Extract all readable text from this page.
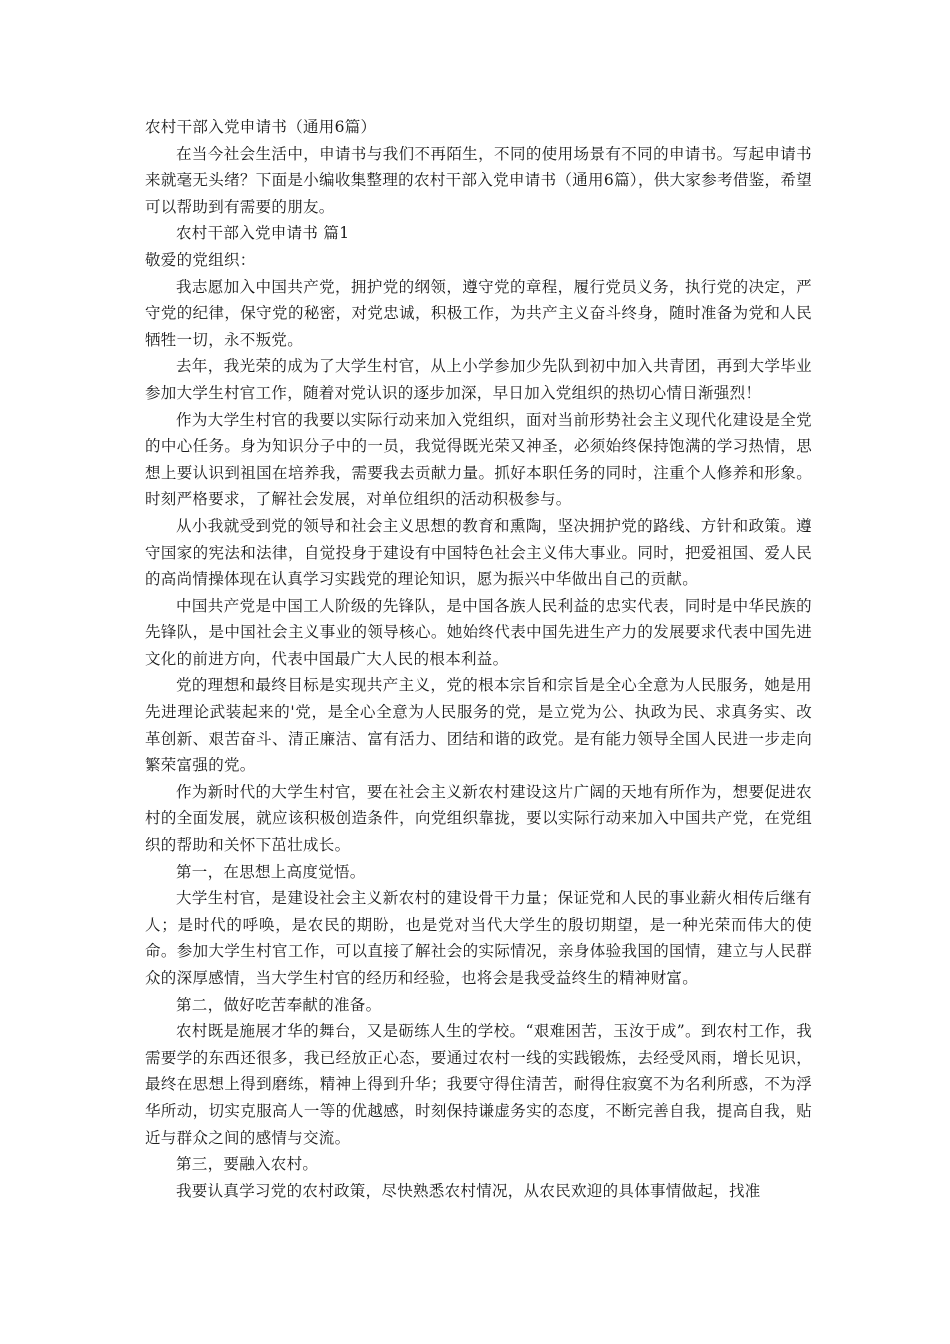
农村干部入党申请书（通用6篇）

在当今社会生活中，申请书与我们不再陌生，不同的使用场景有不同的申请书。写起申请书来就毫无头绪？下面是小编收集整理的农村干部入党申请书（通用6篇），供大家参考借鉴，希望可以帮助到有需要的朋友。

农村干部入党申请书 篇1

敬爱的党组织：

我志愿加入中国共产党，拥护党的纲领，遵守党的章程，履行党员义务，执行党的决定，严守党的纪律，保守党的秘密，对党忠诚，积极工作，为共产主义奋斗终身，随时准备为党和人民牺牲一切，永不叛党。

去年，我光荣的成为了大学生村官，从上小学参加少先队到初中加入共青团，再到大学毕业参加大学生村官工作，随着对党认识的逐步加深，早日加入党组织的热切心情日渐强烈！

作为大学生村官的我要以实际行动来加入党组织，面对当前形势社会主义现代化建设是全党的中心任务。身为知识分子中的一员，我觉得既光荣又神圣，必须始终保持饱满的学习热情，思想上要认识到祖国在培养我，需要我去贡献力量。抓好本职任务的同时，注重个人修养和形象。时刻严格要求，了解社会发展，对单位组织的活动积极参与。

从小我就受到党的领导和社会主义思想的教育和熏陶，坚决拥护党的路线、方针和政策。遵守国家的宪法和法律，自觉投身于建设有中国特色社会主义伟大事业。同时，把爱祖国、爱人民的高尚情操体现在认真学习实践党的理论知识，愿为振兴中华做出自己的贡献。

中国共产党是中国工人阶级的先锋队，是中国各族人民利益的忠实代表，同时是中华民族的先锋队，是中国社会主义事业的领导核心。她始终代表中国先进生产力的发展要求代表中国先进文化的前进方向，代表中国最广大人民的根本利益。

党的理想和最终目标是实现共产主义，党的根本宗旨和宗旨是全心全意为人民服务，她是用先进理论武装起来的'党，是全心全意为人民服务的党，是立党为公、执政为民、求真务实、改革创新、艰苦奋斗、清正廉洁、富有活力、团结和谐的政党。是有能力领导全国人民进一步走向繁荣富强的党。

作为新时代的大学生村官，要在社会主义新农村建设这片广阔的天地有所作为，想要促进农村的全面发展，就应该积极创造条件，向党组织靠拢，要以实际行动来加入中国共产党，在党组织的帮助和关怀下茁壮成长。

第一，在思想上高度觉悟。

大学生村官，是建设社会主义新农村的建设骨干力量；保证党和人民的事业薪火相传后继有人；是时代的呼唤，是农民的期盼，也是党对当代大学生的殷切期望，是一种光荣而伟大的使命。参加大学生村官工作，可以直接了解社会的实际情况，亲身体验我国的国情，建立与人民群众的深厚感情，当大学生村官的经历和经验，也将会是我受益终生的精神财富。

第二，做好吃苦奉献的准备。

农村既是施展才华的舞台，又是砺练人生的学校。“艰难困苦，玉汝于成”。到农村工作，我需要学的东西还很多，我已经放正心态，要通过农村一线的实践锻炼，去经受风雨，增长见识，最终在思想上得到磨练，精神上得到升华；我要守得住清苦，耐得住寂寞不为名利所惑，不为浮华所动，切实克服高人一等的优越感，时刻保持谦虚务实的态度，不断完善自我，提高自我，贴近与群众之间的感情与交流。

第三，要融入农村。

我要认真学习党的农村政策，尽快熟悉农村情况，从农民欢迎的具体事情做起，找准
